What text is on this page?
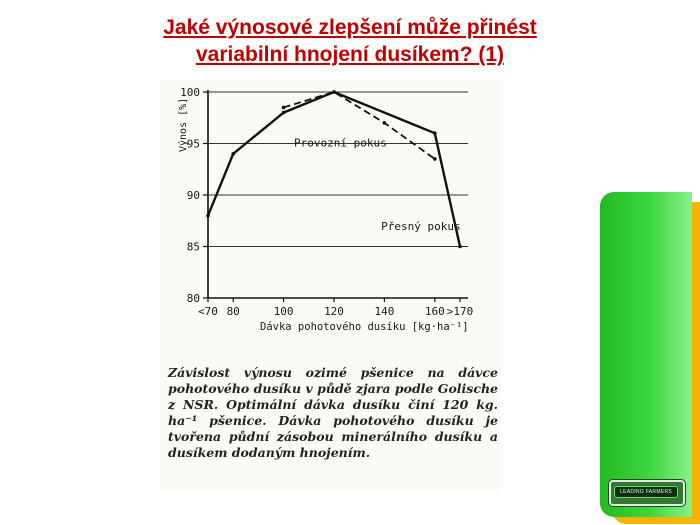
Jaké výnosové zlepšení může přinést
variabilní hnojení dusíkem? (1)
80
85
90
95
100
<70 80	100	120	140	160 >170
Výnos [%]
Dávka pohotového dusíku [kg·ha⁻¹]
Provozní pokus
Přesný pokus
Závislost výnosu ozimé pšenice na dávce pohotového dusíku v půdě zjara podle Golische z NSR. Optimální dávka dusíku činí 120 kg. ha⁻¹ pšenice. Dávka pohotového dusíku je tvořena půdní zásobou minerálního dusíku a dusíkem dodaným hnojením.
LEADING FARMERS
